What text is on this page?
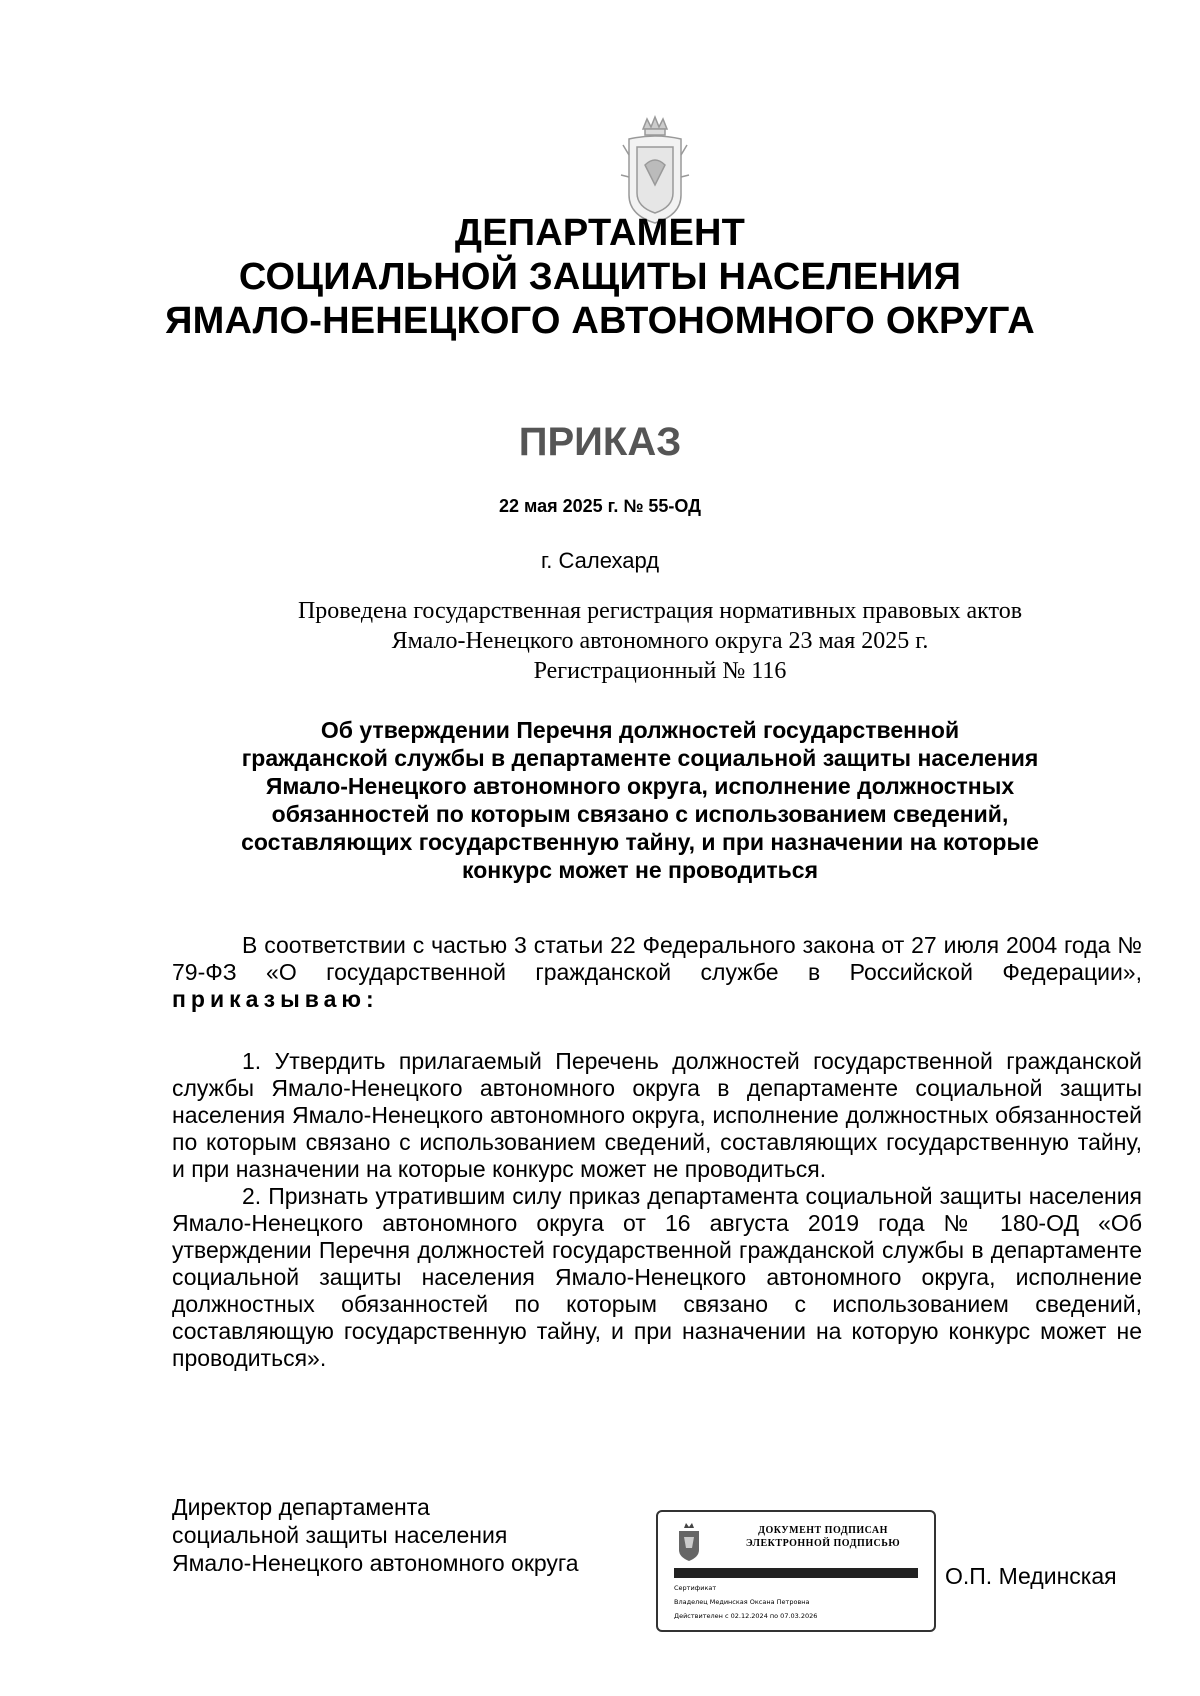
ДЕПАРТАМЕНТ
СОЦИАЛЬНОЙ ЗАЩИТЫ НАСЕЛЕНИЯ
ЯМАЛО-НЕНЕЦКОГО АВТОНОМНОГО ОКРУГА
ПРИКАЗ
22 мая 2025 г. № 55-ОД
г. Салехард
Проведена государственная регистрация нормативных правовых актов
Ямало-Ненецкого автономного округа 23 мая 2025 г.
Регистрационный № 116
Об утверждении Перечня должностей государственной
гражданской службы в департаменте социальной защиты населения
Ямало-Ненецкого автономного округа, исполнение должностных
обязанностей по которым связано с использованием сведений,
составляющих государственную тайну, и при назначении на которые
конкурс может не проводиться

В соответствии с частью 3 статьи 22 Федерального закона от 27 июля 2004 года № 79-ФЗ «О государственной гражданской службе в Российской Федерации», приказываю:

1. Утвердить прилагаемый Перечень должностей государственной гражданской службы Ямало-Ненецкого автономного округа в департаменте социальной защиты населения Ямало-Ненецкого автономного округа, исполнение должностных обязанностей по которым связано с использованием сведений, составляющих государственную тайну, и при назначении на которые конкурс может не проводиться.

2. Признать утратившим силу приказ департамента социальной защиты населения Ямало-Ненецкого автономного округа от 16 августа 2019 года № 180-ОД «Об утверждении Перечня должностей государственной гражданской службы в департаменте социальной защиты населения Ямало-Ненецкого автономного округа, исполнение должностных обязанностей по которым связано с использованием сведений, составляющую государственную тайну, и при назначении на которую конкурс может не проводиться».

Директор департамента
социальной защиты населения
Ямало-Ненецкого автономного округа
ДОКУМЕНТ ПОДПИСАН
ЭЛЕКТРОННОЙ ПОДПИСЬЮ
Сертификат
Владелец Мединская Оксана Петровна
Действителен с 02.12.2024 по 07.03.2026
О.П. Мединская
